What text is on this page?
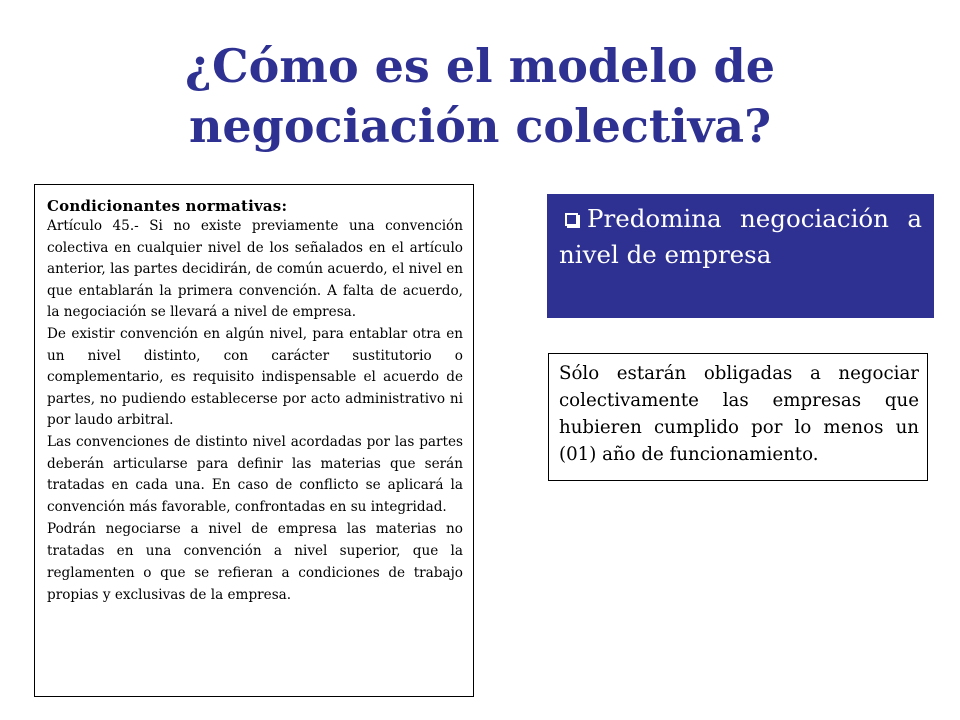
¿Cómo es el modelo de negociación colectiva?

Condicionantes normativas:

Artículo 45.- Si no existe previamente una convención colectiva en cualquier nivel de los señalados en el artículo anterior, las partes decidirán, de común acuerdo, el nivel en que entablarán la primera convención. A falta de acuerdo, la negociación se llevará a nivel de empresa.

De existir convención en algún nivel, para entablar otra en un nivel distinto, con carácter sustitutorio o complementario, es requisito indispensable el acuerdo de partes, no pudiendo establecerse por acto administrativo ni por laudo arbitral.

Las convenciones de distinto nivel acordadas por las partes deberán articularse para definir las materias que serán tratadas en cada una. En caso de conflicto se aplicará la convención más favorable, confrontadas en su integridad.

Podrán negociarse a nivel de empresa las materias no tratadas en una convención a nivel superior, que la reglamenten o que se refieran a condiciones de trabajo propias y exclusivas de la empresa.

Predomina negociación a nivel de empresa

Sólo estarán obligadas a negociar colectivamente las empresas que hubieren cumplido por lo menos un (01) año de funcionamiento.
